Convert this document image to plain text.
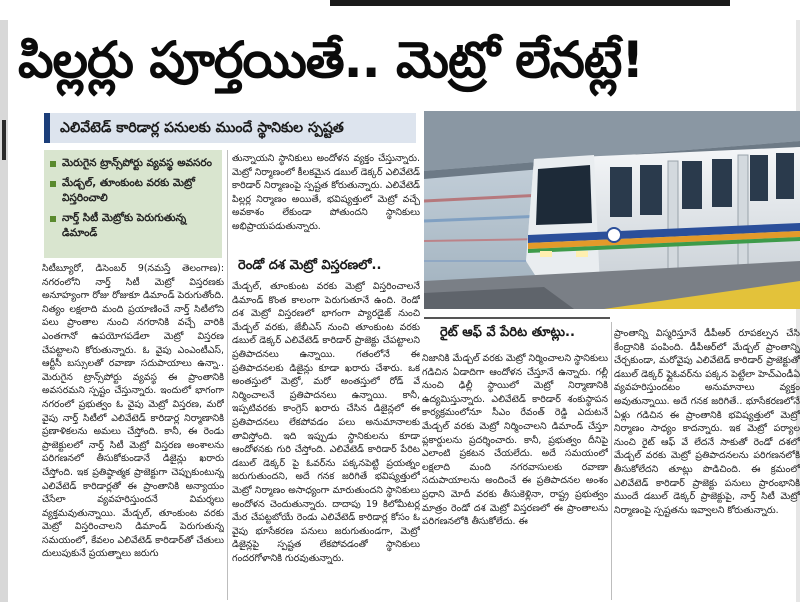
పిల్లర్లు పూర్తయితే.. మెట్రో లేనట్లే!
ఎలివేటెడ్ కారిడార్ల పనులకు ముందే స్థానికుల స్పష్టత
మెరుగైన ట్రాన్స్‌పోర్టు వ్యవస్థ అవసరం
మేడ్చల్, తూంకుంట వరకు మెట్రో విస్తరించాలి
నార్త్ సిటీ మెట్రోకు పెరుగుతున్న డిమాండ్
సిటీబ్యూరో, డిసెంబర్ 9(నమస్తే తెలంగాణ): నగరంలోని నార్త్ సిటీ మెట్రో విస్తరణకు అనూహ్యంగా రోజు రోజుకూ డిమాండ్ పెరుగుతోంది. నిత్యం లక్షలాది మంది ప్రయాణించే నార్త్ సిటీలోని పలు ప్రాంతాల నుంచి నగరానికి వచ్చే వారికి ఎంతగానో ఉపయోగపడేలా మెట్రో విస్తరణ చేపట్టాలని కోరుతున్నారు. ఓ వైపు ఎంఎంటీఎస్, ఆర్టీసీ బస్సులతో రవాణా సదుపాయాలు ఉన్నా.. మెరుగైన ట్రాన్స్‌పోర్టు వ్యవస్థ ఈ ప్రాంతానికి అవసరమని స్పష్టం చేస్తున్నారు. ఇందులో భాగంగా నగరంలో ప్రభుత్వం ఓ వైపు మెట్రో విస్తరణ, మరో వైపు నార్త్ సిటీలో ఎలివేటెడ్ కారిడార్ల నిర్మాణానికి ప్రణాళికలను అమలు చేస్తోంది. కానీ, ఈ రెండు ప్రాజెక్టులలో నార్త్ సిటీ మెట్రో విస్తరణ అంశాలను పరిగణనలో తీసుకోకుండానే డిజైన్లు ఖరారు చేస్తోంది. ఇక ప్రతిష్ఠాత్మక ప్రాజెక్టుగా చెప్పుకుంటున్న ఎలివేటెడ్ కారిడార్లతో ఈ ప్రాంతానికి అన్యాయం చేసేలా వ్యవహరిస్తుందనే విమర్శలు వ్యక్తమవుతున్నాయి. మేడ్చల్, తూంకుంట వరకు మెట్రో విస్తరించాలని డిమాండ్ పెరుగుతున్న సమయంలో, కేవలం ఎలివేటెడ్ కారిడార్‌తో చేతులు దులుపుకునే ప్రయత్నాలు జరుగు
తున్నాయని స్థానికులు అందోళన వ్యక్తం చేస్తున్నారు. మెట్రో నిర్మాణంలో కీలకమైన డబుల్ డెక్కర్ ఎలివేటెడ్ కారిడార్ నిర్మాణంపై స్పష్టత కోరుతున్నారు. ఎలివేటెడ్ పిల్లర్ల నిర్మాణం అయితే, భవిష్యత్తులో మెట్రో వచ్చే అవకాశం లేకుండా పోతుందని స్థానికులు అభిప్రాయపడుతున్నారు.
రెండో దశ మెట్రో విస్తరణలో..
మేడ్చల్, తూంకుంట వరకు మెట్రో విస్తరించాలనే డిమాండ్ కొంత కాలంగా పెరుగుతూనే ఉంది. రెండో దశ మెట్రో విస్తరణలో భాగంగా ప్యారడైజ్ నుంచి మేడ్చల్ వరకు, జేబీఎస్ నుంచి తూంకుంట వరకు డబుల్ డెక్కర్ ఎలివేటెడ్ కారిడార్ ప్రాజెక్టు చేపట్టాలని ప్రతిపాదనలు ఉన్నాయి. గతంలోనే ఈ ప్రతిపాదనలకు డిజైన్లు కూడా ఖరారు చేశారు. ఒక అంతస్తులో మెట్రో, మరో అంతస్తులో రోడ్ వే నిర్మించాలనే ప్రతిపాదనలు ఉన్నాయి. కానీ, ఇప్పటివరకు కాంగ్రెస్ ఖరారు చేసిన డిజైన్లలో ఈ ప్రతిపాదనలు లేకపోవడం పలు అనుమానాలకు తావిస్తోంది. ఇది ఇప్పుడు స్థానికులను కూడా ఆందోళనకు గురి చేస్తోంది. ఎలివేటెడ్ కారిడార్ పేరిట డబుల్ డెక్కర్ పై ఓవర్‌ను పక్కనపెట్టి ప్రయత్నం జరుగుతుందని, అదే గనక జరిగితే భవిష్యత్తులో మెట్రో నిర్మాణం అసాధ్యంగా మారుతుందని స్థానికులు అందోళన చెందుతున్నారు. దాదాపు 19 కిలోమీటర్ల మేర చేపట్టబోయే రెండు ఎలివేటెడ్ కారిడార్ల కోసం ఓ వైపు భూసేకరణ పనులు జరుగుతుండగా, మెట్రో డిజైన్లపై స్పష్టత లేకపోవడంతో స్థానికులు గందరగోళానికి గురవుతున్నారు.
రైట్ ఆఫ్ వే పేరిట తూట్లు..
నిజానికి మేడ్చల్ వరకు మెట్రో నిర్మించాలని స్థానికులు గడిచిన ఏడాదిగా ఆందోళన చేస్తూనే ఉన్నారు. గల్లీ నుంచి ఢిల్లీ స్థాయిలో మెట్రో నిర్మాణానికి ఉద్యమిస్తున్నారు. ఎలివేటెడ్ కారిడార్ శంకుస్థాపన కార్యక్రమంలోనూ సీఎం రేవంత్ రెడ్డి ఎదుటనే మేడ్చల్ వరకు మెట్రో నిర్మించాలని డిమాండ్ చేస్తూ ప్లకార్డులను ప్రదర్శించారు. కానీ, ప్రభుత్వం దీనిపై ఎలాంటి ప్రకటన చేయలేదు. అదే సమయంలో లక్షలాది మంది నగరవాసులకు రవాణా సదుపాయాలను అందించే ఈ ప్రతిపాదనల అంశం ప్రధాని మోదీ వరకు తీసుకెళ్లినా, రాష్ట్ర ప్రభుత్వం మాత్రం రెండో దశ మెట్రో విస్తరణలో ఈ ప్రాంతాలను పరిగణనలోకి తీసుకోలేదు. ఈ
ప్రాంతాన్ని విస్మరిస్తూనే డీపీఆర్ రూపకల్పన చేసి కేంద్రానికి పంపింది. డీపీఆర్‌లో మేడ్చల్ ప్రాంతాన్ని చేర్చకుండా, మరోవైపు ఎలివేటెడ్ కారిడార్ ప్రాజెక్టుతో డబుల్ డెక్కర్ ఫ్లైఓవర్‌ను పక్కన పెట్టేలా హెచ్‌ఎండీఏ వ్యవహరిస్తుందటం అనుమానాలు వ్యక్తం అవుతున్నాయి. అదే గనక జరిగితే.. భూసేకరణలోనే ఏళ్లు గడిచిన ఈ ప్రాంతానికి భవిష్యత్తులో మెట్రో నిర్మాణం సాధ్యం కాదన్నారు. ఇక మెట్రో పర్యాల నుంచి రైట్ ఆఫ్ వే లేదనే సాకుతో రెండో దశలో మేడ్చల్ వరకు మెట్రో ప్రతిపాదనలను పరిగణనలోకి తీసుకోలేదని తూట్లు పొడిచింది. ఈ క్రమంలో ఎలివేటెడ్ కారిడార్ ప్రాజెక్టు పనులు ప్రారంభానికి ముందే డబుల్ డెక్కర్ ప్రాజెక్టుపై, నార్త్ సిటీ మెట్రో నిర్మాణంపై స్పష్టతను ఇవ్వాలని కోరుతున్నారు.
